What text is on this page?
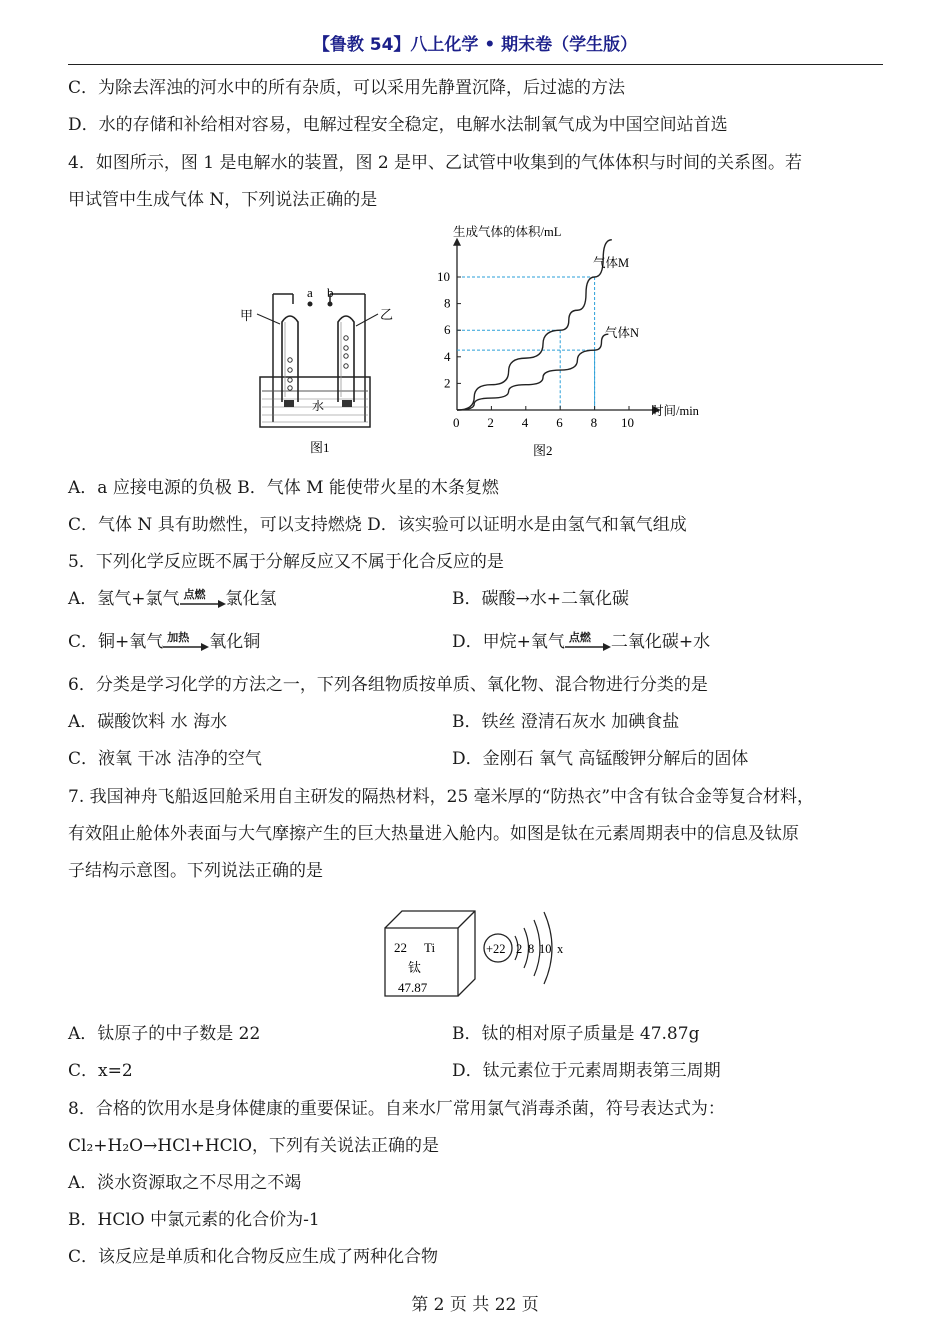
【鲁教 54】八上化学 • 期末卷（学生版）
C．为除去浑浊的河水中的所有杂质，可以采用先静置沉降，后过滤的方法
D．水的存储和补给相对容易，电解过程安全稳定，电解水法制氧气成为中国空间站首选
4．如图所示，图 1 是电解水的装置，图 2 是甲、乙试管中收集到的气体体积与时间的关系图。若
甲试管中生成气体 N，下列说法正确的是
a b
甲	乙
水
图1
2 4 6 8 10
2
4
6
8
10
生成气体的体积/mL
时间/min
0
气体M
气体N
图2
A．a 应接电源的负极 B．气体 M 能使带火星的木条复燃
C．气体 N 具有助燃性，可以支持燃烧 D．该实验可以证明水是由氢气和氧气组成
5．下列化学反应既不属于分解反应又不属于化合反应的是
A．氢气+氯气 点燃 氯化氢	B．碳酸→水+二氧化碳
C．铜+氧气 加热 氧化铜	D．甲烷+氧气 点燃 二氧化碳+水
6．分类是学习化学的方法之一，下列各组物质按单质、氧化物、混合物进行分类的是
A．碳酸饮料 水 海水	B．铁丝 澄清石灰水 加碘食盐
C．液氧 干冰 洁净的空气	D．金刚石 氧气 高锰酸钾分解后的固体
7. 我国神舟飞船返回舱采用自主研发的隔热材料，25 毫米厚的“防热衣”中含有钛合金等复合材料，
有效阻止舱体外表面与大气摩擦产生的巨大热量进入舱内。如图是钛在元素周期表中的信息及钛原
子结构示意图。下列说法正确的是
22 Ti
钛
47.87
+22 2 8 10 x
A．钛原子的中子数是 22	B．钛的相对原子质量是 47.87g
C．x=2	D．钛元素位于元素周期表第三周期
8．合格的饮用水是身体健康的重要保证。自来水厂常用氯气消毒杀菌，符号表达式为：
Cl₂+H₂O→HCl+HClO，下列有关说法正确的是
A．淡水资源取之不尽用之不竭
B．HClO 中氯元素的化合价为-1
C．该反应是单质和化合物反应生成了两种化合物
第 2 页 共 22 页
